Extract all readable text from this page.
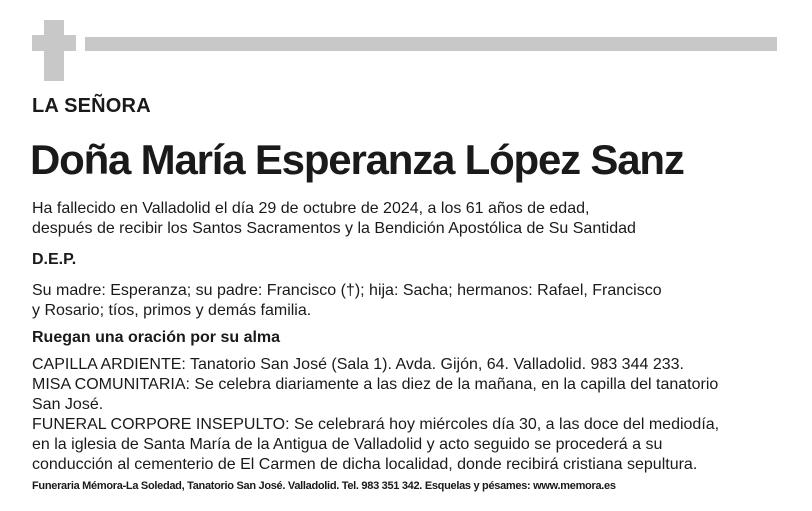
LA SEÑORA
Doña María Esperanza López Sanz
Ha fallecido en Valladolid el día 29 de octubre de 2024, a los 61 años de edad,
después de recibir los Santos Sacramentos y la Bendición Apostólica de Su Santidad
D.E.P.
Su madre: Esperanza; su padre: Francisco (†); hija: Sacha; hermanos: Rafael, Francisco
y Rosario; tíos, primos y demás familia.
Ruegan una oración por su alma
CAPILLA ARDIENTE: Tanatorio San José (Sala 1). Avda. Gijón, 64. Valladolid. 983 344 233.
MISA COMUNITARIA: Se celebra diariamente a las diez de la mañana, en la capilla del tanatorio
San José.
FUNERAL CORPORE INSEPULTO: Se celebrará hoy miércoles día 30, a las doce del mediodía,
en la iglesia de Santa María de la Antigua de Valladolid y acto seguido se procederá a su
conducción al cementerio de El Carmen de dicha localidad, donde recibirá cristiana sepultura.
Funeraria Mémora-La Soledad, Tanatorio San José. Valladolid. Tel. 983 351 342. Esquelas y pésames: www.memora.es
